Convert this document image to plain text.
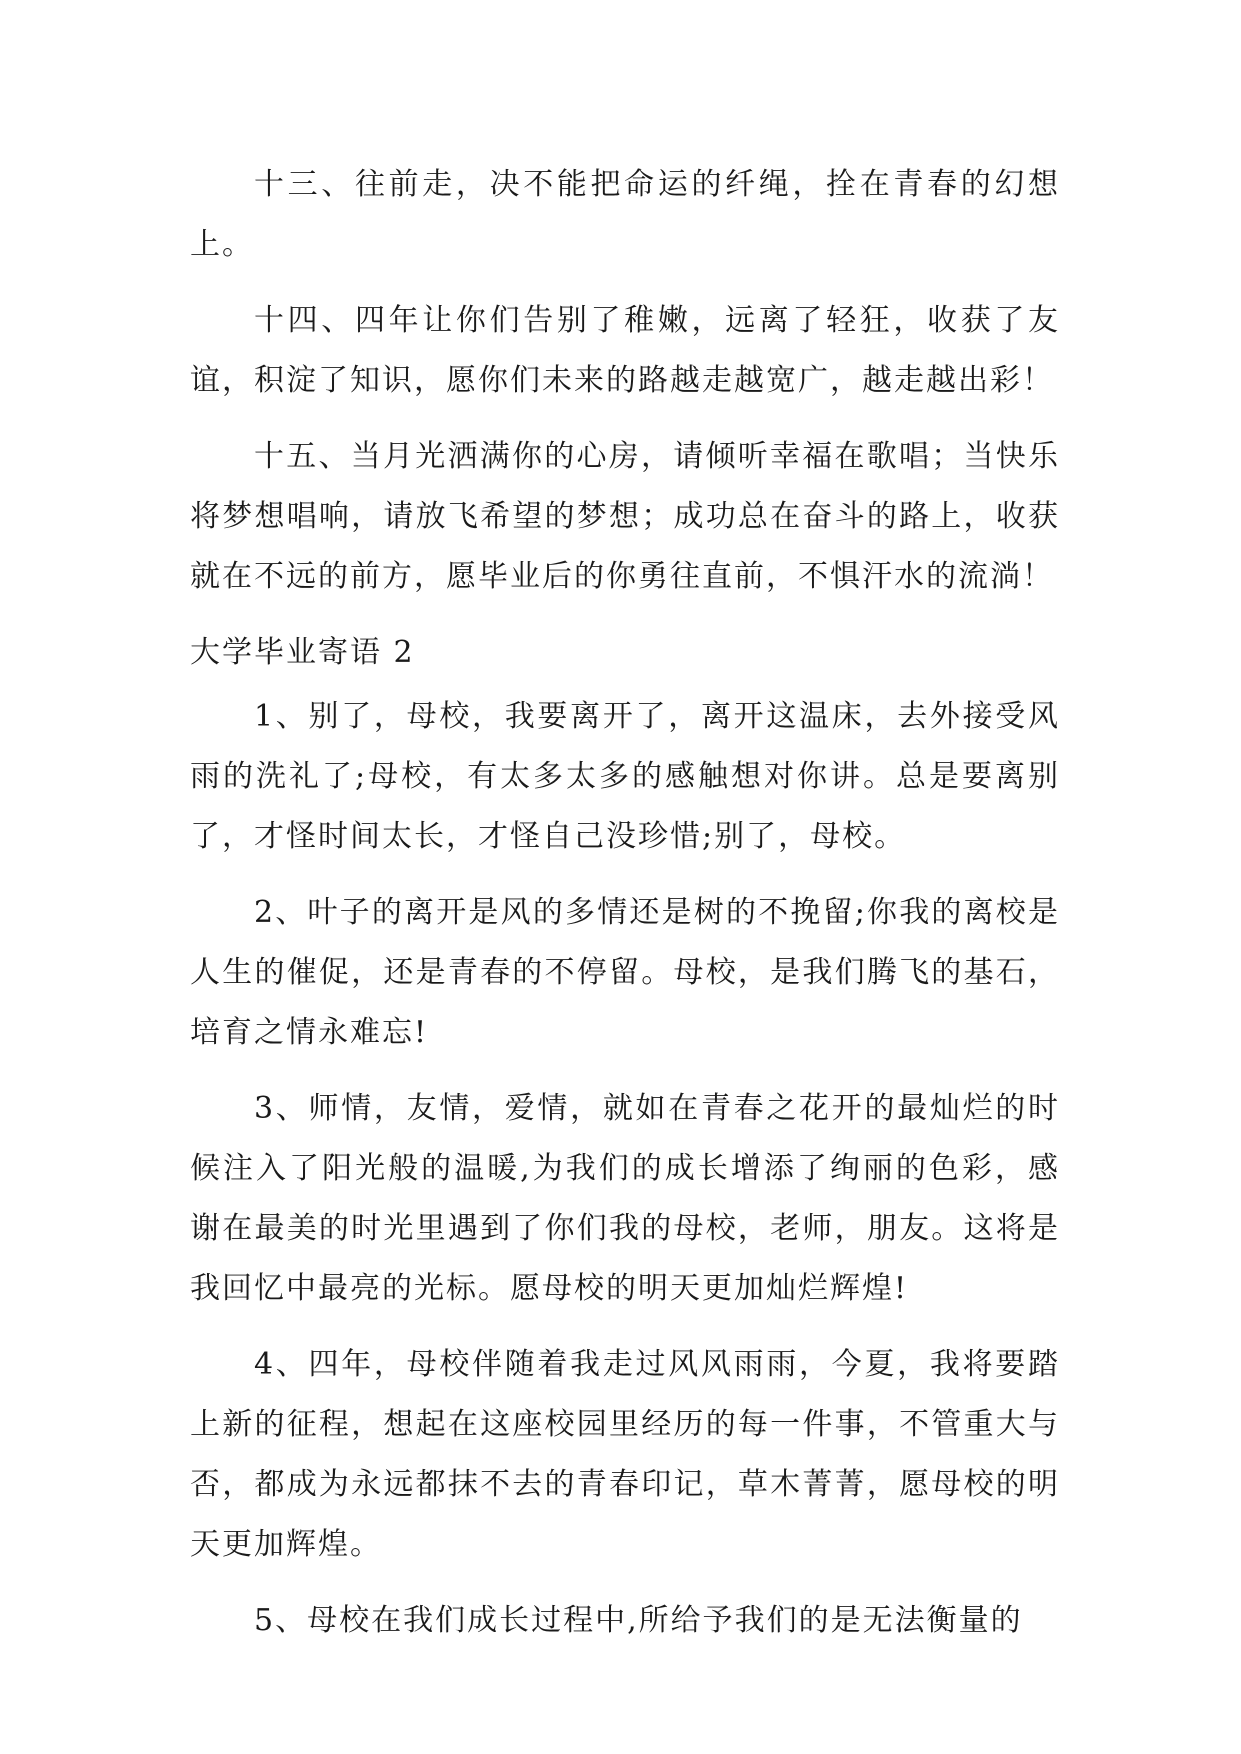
十三、往前走，决不能把命运的纤绳，拴在青春的幻想上。

十四、四年让你们告别了稚嫩，远离了轻狂，收获了友谊，积淀了知识，愿你们未来的路越走越宽广，越走越出彩！

十五、当月光洒满你的心房，请倾听幸福在歌唱；当快乐将梦想唱响，请放飞希望的梦想；成功总在奋斗的路上，收获就在不远的前方，愿毕业后的你勇往直前，不惧汗水的流淌！

大学毕业寄语 2

1、别了，母校，我要离开了，离开这温床，去外接受风雨的洗礼了;母校，有太多太多的感触想对你讲。总是要离别了，才怪时间太长，才怪自己没珍惜;别了，母校。

2、叶子的离开是风的多情还是树的不挽留;你我的离校是人生的催促，还是青春的不停留。母校，是我们腾飞的基石，培育之情永难忘!

3、师情，友情，爱情，就如在青春之花开的最灿烂的时候注入了阳光般的温暖,为我们的成长增添了绚丽的色彩，感谢在最美的时光里遇到了你们我的母校，老师，朋友。这将是我回忆中最亮的光标。愿母校的明天更加灿烂辉煌!

4、四年，母校伴随着我走过风风雨雨，今夏，我将要踏上新的征程，想起在这座校园里经历的每一件事，不管重大与否，都成为永远都抹不去的青春印记，草木菁菁，愿母校的明天更加辉煌。

5、母校在我们成长过程中,所给予我们的是无法衡量的
